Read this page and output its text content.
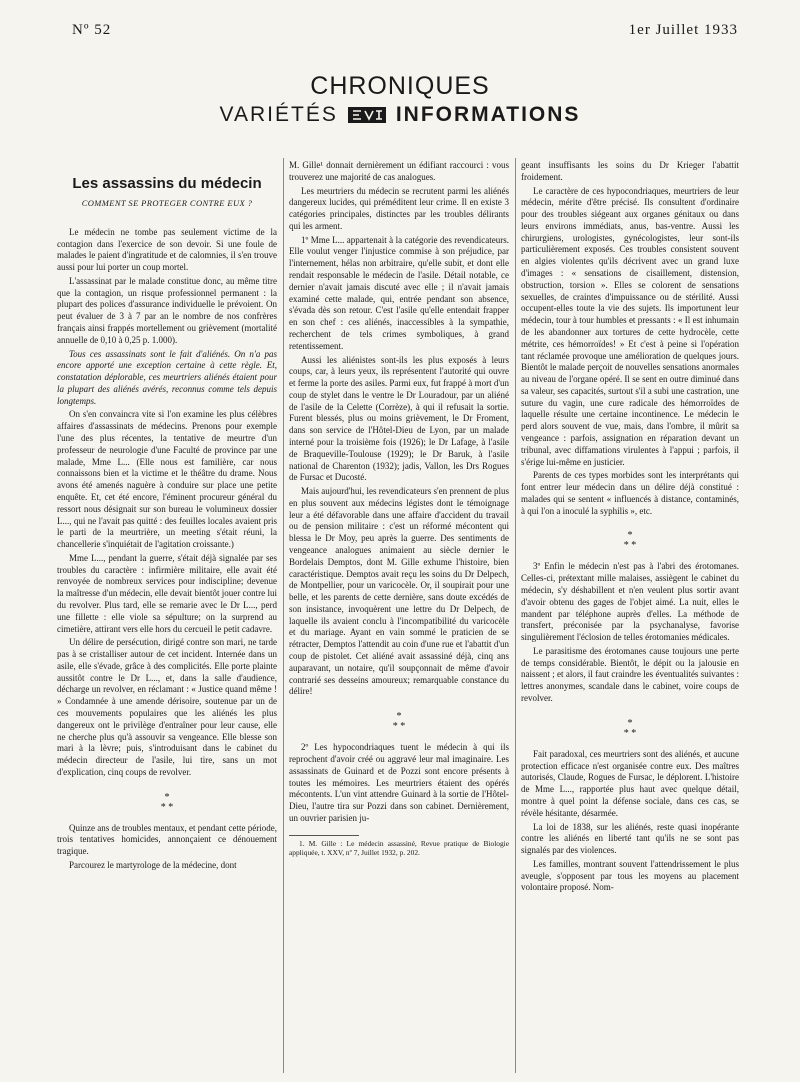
Nº 52	1er Juillet 1933
CHRONIQUES
VARIÉTÉS	INFORMATIONS
Les assassins du médecin
COMMENT SE PROTEGER CONTRE EUX ?

Le médecin ne tombe pas seulement victime de la contagion dans l'exercice de son devoir. Si une foule de malades le paient d'ingratitude et de calomnies, il s'en trouve aussi pour lui porter un coup mortel.

L'assassinat par le malade constitue donc, au même titre que la contagion, un risque professionnel permanent : la plupart des polices d'assurance individuelle le prévoient. On peut évaluer de 3 à 7 par an le nombre de nos confrères français ainsi frappés mortellement ou grièvement (mortalité annuelle de 0,10 à 0,25 p. 1.000).

Tous ces assassinats sont le fait d'aliénés. On n'a pas encore apporté une exception certaine à cette règle. Et, constatation déplorable, ces meurtriers aliénés étaient pour la plupart des aliénés avérés, reconnus comme tels depuis longtemps.

On s'en convaincra vite si l'on examine les plus célèbres affaires d'assassinats de médecins. Prenons pour exemple l'une des plus récentes, la tentative de meurtre d'un professeur de neurologie d'une Faculté de province par une malade, Mme L... (Elle nous est familière, car nous connaissons bien et la victime et le théâtre du drame. Nous avons été amenés naguère à conduire sur place une petite enquête. Et, cet été encore, l'éminent procureur général du ressort nous désignait sur son bureau le volumineux dossier L..., qui ne l'avait pas quitté : des feuilles locales avaient pris le parti de la meurtrière, un meeting s'était réuni, la chancellerie s'inquiétait de l'agitation croissante.)

Mme L..., pendant la guerre, s'était déjà signalée par ses troubles du caractère : infirmière militaire, elle avait été renvoyée de nombreux services pour indiscipline; devenue la maîtresse d'un médecin, elle devait bientôt jouer contre lui du revolver. Plus tard, elle se remarie avec le Dr L..., perd une fillette : elle viole sa sépulture; on la surprend au cimetière, attirant vers elle hors du cercueil le petit cadavre.

Un délire de persécution, dirigé contre son mari, ne tarde pas à se cristalliser autour de cet incident. Internée dans un asile, elle s'évade, grâce à des complicités. Elle porte plainte aussitôt contre le Dr L..., et, dans la salle d'audience, décharge un revolver, en réclamant : « Justice quand même ! » Condamnée à une amende dérisoire, soutenue par un de ces mouvements populaires que les aliénés les plus dangereux ont le privilège d'entraîner pour leur cause, elle ne cherche plus qu'à assouvir sa vengeance. Elle blesse son mari à la lèvre; puis, s'introduisant dans le cabinet du médecin directeur de l'asile, lui tire, sans un mot d'explication, cinq coups de revolver.

*
* *

Quinze ans de troubles mentaux, et pendant cette période, trois tentatives homicides, annonçaient ce dénouement tragique.

Parcourez le martyrologe de la médecine, dont

M. Gille¹ donnait dernièrement un édifiant raccourci : vous trouverez une majorité de cas analogues.

Les meurtriers du médecin se recrutent parmi les aliénés dangereux lucides, qui préméditent leur crime. Il en existe 3 catégories principales, distinctes par les troubles délirants qui les arment.

1º Mme L... appartenait à la catégorie des revendicateurs. Elle voulut venger l'injustice commise à son préjudice, par l'internement, hélas non arbitraire, qu'elle subit, et dont elle rendait responsable le médecin de l'asile. Détail notable, ce dernier n'avait jamais discuté avec elle ; il n'avait jamais examiné cette malade, qui, entrée pendant son absence, s'évada dès son retour. C'est l'asile qu'elle entendait frapper en son chef : ces aliénés, inaccessibles à la sympathie, recherchent de tels crimes symboliques, à grand retentissement.

Aussi les aliénistes sont-ils les plus exposés à leurs coups, car, à leurs yeux, ils représentent l'autorité qui ouvre et ferme la porte des asiles. Parmi eux, fut frappé à mort d'un coup de stylet dans le ventre le Dr Louradour, par un aliéné de l'asile de la Celette (Corrèze), à qui il refusait la sortie. Furent blessés, plus ou moins grièvement, le Dr Froment, dans son service de l'Hôtel-Dieu de Lyon, par un malade interné pour la troisième fois (1926); le Dr Lafage, à l'asile de Braqueville-Toulouse (1929); le Dr Baruk, à l'asile national de Charenton (1932); jadis, Vallon, les Drs Rogues de Fursac et Ducosté.

Mais aujourd'hui, les revendicateurs s'en prennent de plus en plus souvent aux médecins légistes dont le témoignage leur a été défavorable dans une affaire d'accident du travail ou de pension militaire : c'est un réformé mécontent qui blessa le Dr Moy, peu après la guerre. Des sentiments de vengeance analogues animaient au siècle dernier le Bordelais Demptos, dont M. Gille exhume l'histoire, bien caractéristique. Demptos avait reçu les soins du Dr Delpech, de Montpellier, pour un varicocèle. Or, il soupirait pour une belle, et les parents de cette dernière, sans doute excédés de son insistance, invoquèrent une lettre du Dr Delpech, de laquelle ils avaient conclu à l'incompatibilité du varicocèle et du mariage. Ayant en vain sommé le praticien de se rétracter, Demptos l'attendit au coin d'une rue et l'abattit d'un coup de pistolet. Cet aliéné avait assassiné déjà, cinq ans auparavant, un notaire, qu'il soupçonnait de même d'avoir contrarié ses desseins amoureux; remarquable constance du délire!

*
* *

2º Les hypocondriaques tuent le médecin à qui ils reprochent d'avoir créé ou aggravé leur mal imaginaire. Les assassinats de Guinard et de Pozzi sont encore présents à toutes les mémoires. Les meurtriers étaient des opérés mécontents. L'un vint attendre Guinard à la sortie de l'Hôtel-Dieu, l'autre tira sur Pozzi dans son cabinet. Dernièrement, un ouvrier parisien ju-

1. M. Gille : Le médecin assassiné, Revue pratique de Biologie appliquée, t. XXV, nº 7, Juillet 1932, p. 202.

geant insuffisants les soins du Dr Krieger l'abattit froidement.

Le caractère de ces hypocondriaques, meurtriers de leur médecin, mérite d'être précisé. Ils consultent d'ordinaire pour des troubles siégeant aux organes génitaux ou dans leurs environs immédiats, anus, bas-ventre. Aussi les chirurgiens, urologistes, gynécologistes, leur sont-ils particulièrement exposés. Ces troubles consistent souvent en algies violentes qu'ils décrivent avec un grand luxe d'images : « sensations de cisaillement, distension, obstruction, torsion ». Elles se colorent de sensations sexuelles, de craintes d'impuissance ou de stérilité. Aussi occupent-elles toute la vie des sujets. Ils importunent leur médecin, tour à tour humbles et pressants : « Il est inhumain de les abandonner aux tortures de cette hydrocèle, cette métrite, ces hémorroïdes! » Et c'est à peine si l'opération tant réclamée provoque une amélioration de quelques jours. Bientôt le malade perçoit de nouvelles sensations anormales au niveau de l'organe opéré. Il se sent en outre diminué dans sa valeur, ses capacités, surtout s'il a subi une castration, une suture du vagin, une cure radicale des hémorroïdes de laquelle résulte une certaine incontinence. Le médecin le perd alors souvent de vue, mais, dans l'ombre, il mûrit sa vengeance : parfois, assignation en réparation devant un tribunal, avec diffamations virulentes à l'appui ; parfois, il s'érige lui-même en justicier.

Parents de ces types morbides sont les interprétants qui font entrer leur médecin dans un délire déjà constitué : malades qui se sentent « influencés à distance, contaminés, à qui l'on a inoculé la syphilis », etc.

*
* *

3º Enfin le médecin n'est pas à l'abri des érotomanes. Celles-ci, prétextant mille malaises, assiègent le cabinet du médecin, s'y déshabillent et n'en veulent plus sortir avant d'avoir obtenu des gages de l'objet aimé. La nuit, elles le mandent par téléphone auprès d'elles. La méthode de transfert, préconisée par la psychanalyse, favorise singulièrement l'éclosion de telles érotomanies médicales.

Le parasitisme des érotomanes cause toujours une perte de temps considérable. Bientôt, le dépit ou la jalousie en naissent ; et alors, il faut craindre les éventualités suivantes : lettres anonymes, scandale dans le cabinet, voire coups de revolver.

*
* *

Fait paradoxal, ces meurtriers sont des aliénés, et aucune protection efficace n'est organisée contre eux. Des maîtres autorisés, Claude, Rogues de Fursac, le déplorent. L'histoire de Mme L..., rapportée plus haut avec quelque détail, montre à quel point la défense sociale, dans ces cas, se révèle hésitante, désarmée.

La loi de 1838, sur les aliénés, reste quasi inopérante contre les aliénés en liberté tant qu'ils ne se sont pas signalés par des violences.

Les familles, montrant souvent l'attendrissement le plus aveugle, s'opposent par tous les moyens au placement volontaire proposé. Nom-
